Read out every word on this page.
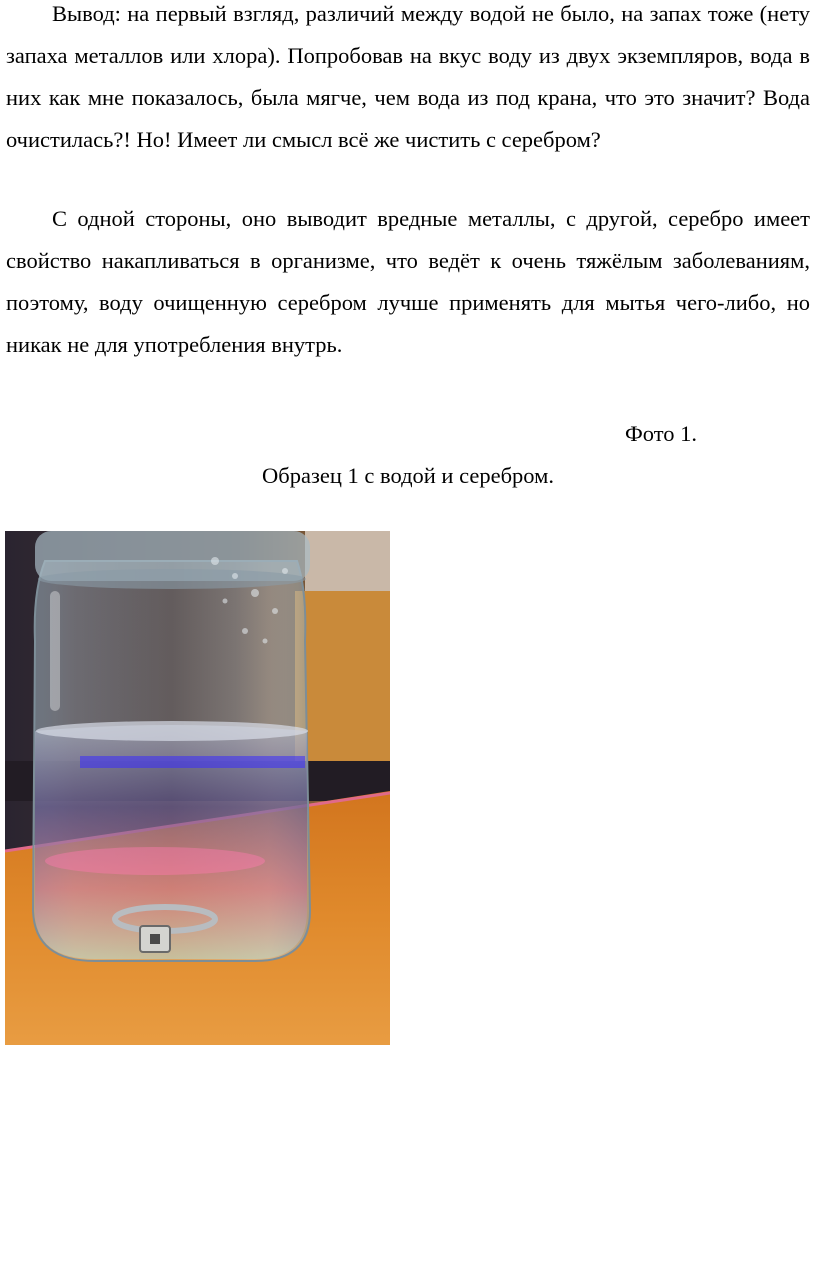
Вывод: на первый взгляд, различий между водой не было, на запах тоже (нету запаха металлов или хлора). Попробовав на вкус воду из двух экземпляров, вода в них как мне показалось, была мягче, чем вода из под крана, что это значит? Вода очистилась?! Но! Имеет ли смысл всё же чистить с серебром?

С одной стороны, оно выводит вредные металлы, с другой, серебро имеет свойство накапливаться в организме, что ведёт к очень тяжёлым заболеваниям, поэтому, воду очищенную серебром лучше применять для мытья чего-либо, но никак не для употребления внутрь.

Фото 1.

Образец 1 с водой и серебром.
